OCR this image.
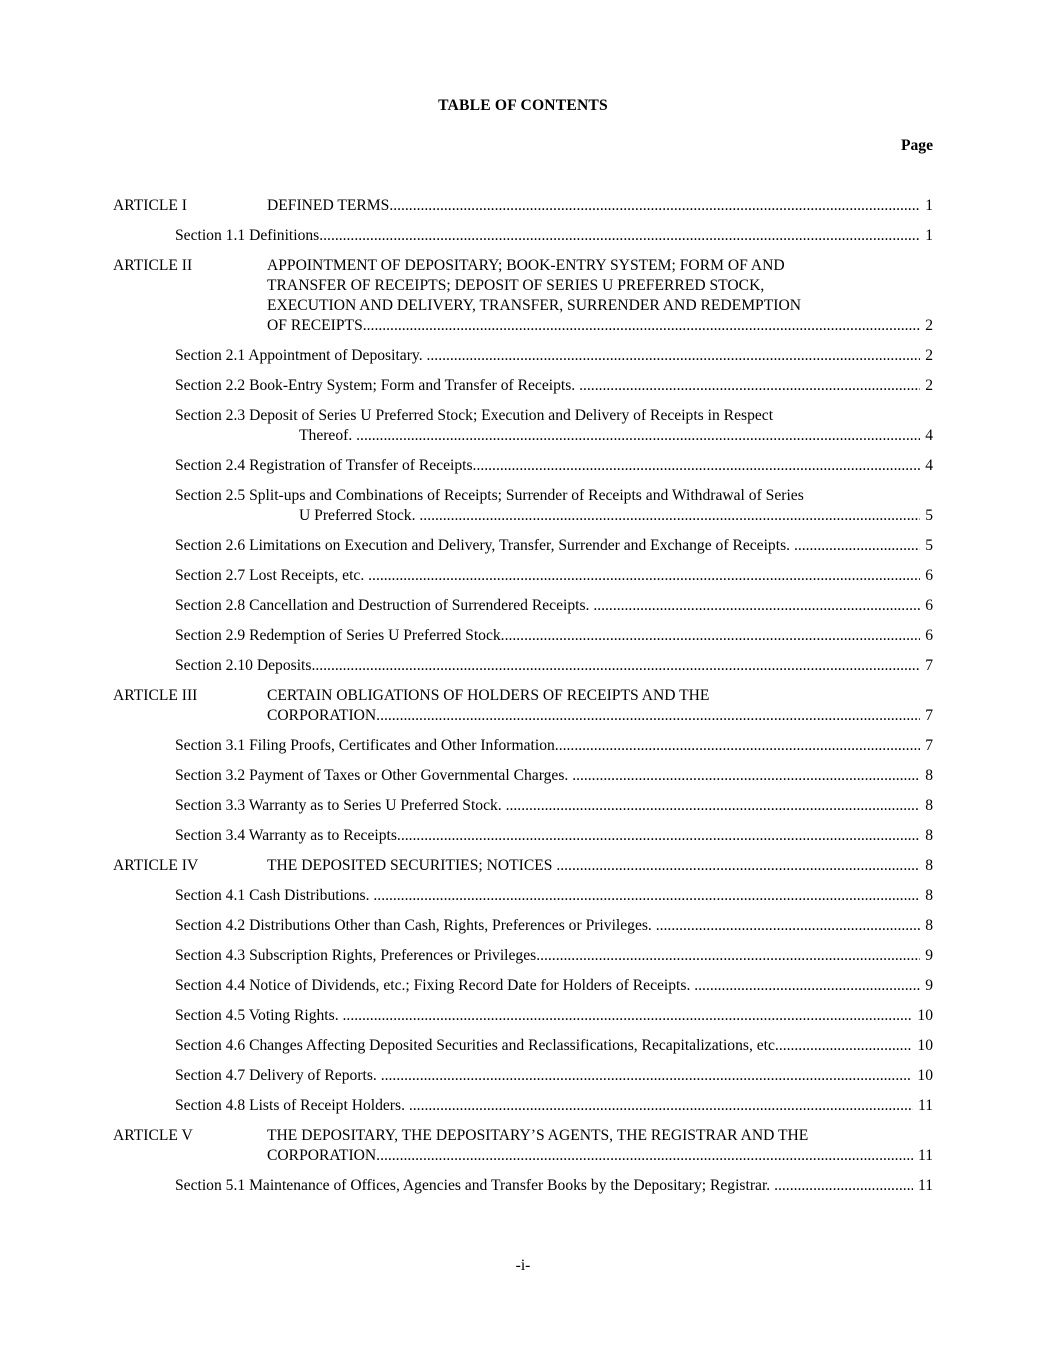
TABLE OF CONTENTS
Page
ARTICLE I	DEFINED TERMS .....	1
Section 1.1 Definitions. .....	1
ARTICLE II	APPOINTMENT OF DEPOSITARY; BOOK-ENTRY SYSTEM; FORM OF AND
TRANSFER OF RECEIPTS; DEPOSIT OF SERIES U PREFERRED STOCK,
EXECUTION AND DELIVERY, TRANSFER, SURRENDER AND REDEMPTION
OF RECEIPTS .....	2
Section 2.1 Appointment of Depositary. .....	2
Section 2.2 Book-Entry System; Form and Transfer of Receipts. .....	2
Section 2.3 Deposit of Series U Preferred Stock; Execution and Delivery of Receipts in Respect
Thereof. .....	4
Section 2.4 Registration of Transfer of Receipts .....	4
Section 2.5 Split-ups and Combinations of Receipts; Surrender of Receipts and Withdrawal of Series
U Preferred Stock. .....	5
Section 2.6 Limitations on Execution and Delivery, Transfer, Surrender and Exchange of Receipts. .....	5
Section 2.7 Lost Receipts, etc. .....	6
Section 2.8 Cancellation and Destruction of Surrendered Receipts. .....	6
Section 2.9 Redemption of Series U Preferred Stock .....	6
Section 2.10 Deposits. .....	7
ARTICLE III	CERTAIN OBLIGATIONS OF HOLDERS OF RECEIPTS AND THE
CORPORATION .....	7
Section 3.1 Filing Proofs, Certificates and Other Information. .....	7
Section 3.2 Payment of Taxes or Other Governmental Charges. .....	8
Section 3.3 Warranty as to Series U Preferred Stock. .....	8
Section 3.4 Warranty as to Receipts .....	8
ARTICLE IV	THE DEPOSITED SECURITIES; NOTICES .....	8
Section 4.1 Cash Distributions. .....	8
Section 4.2 Distributions Other than Cash, Rights, Preferences or Privileges. .....	8
Section 4.3 Subscription Rights, Preferences or Privileges .....	9
Section 4.4 Notice of Dividends, etc.; Fixing Record Date for Holders of Receipts. .....	9
Section 4.5 Voting Rights. .....	10
Section 4.6 Changes Affecting Deposited Securities and Reclassifications, Recapitalizations, etc. .....	10
Section 4.7 Delivery of Reports. .....	10
Section 4.8 Lists of Receipt Holders. .....	11
ARTICLE V	THE DEPOSITARY, THE DEPOSITARY’S AGENTS, THE REGISTRAR AND THE
CORPORATION .....	11
Section 5.1 Maintenance of Offices, Agencies and Transfer Books by the Depositary; Registrar. .....	11
-i-
